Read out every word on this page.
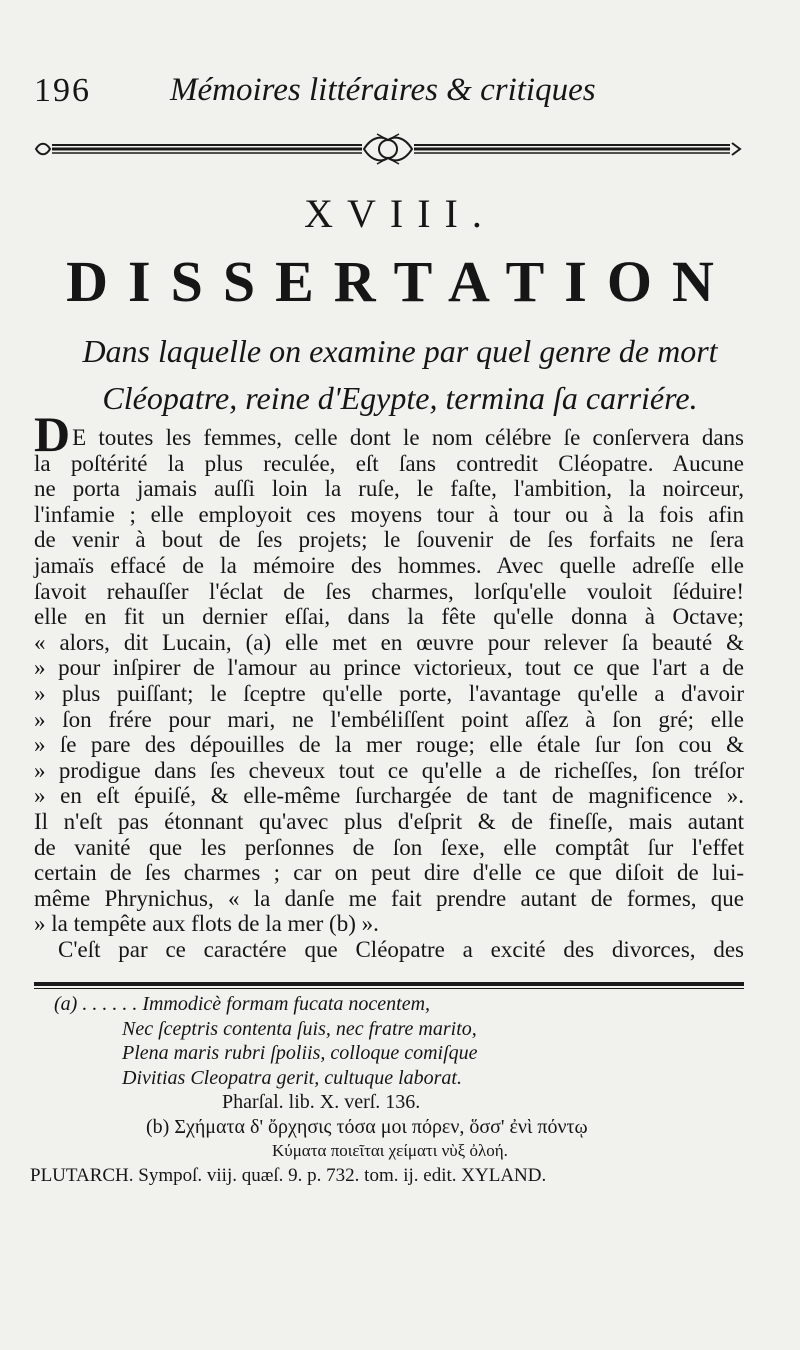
196 Mémoires littéraires & critiques
XVIII.
DISSERTATION
Dans laquelle on examine par quel genre de mort
Cléopatre, reine d'Egypte, termina ſa carriére.
DE toutes les femmes, celle dont le nom célébre ſe conſervera dans
la poſtérité la plus reculée, eſt ſans contredit Cléopatre. Aucune
ne porta jamais auſſi loin la ruſe, le faſte, l'ambition, la noirceur,
l'infamie ; elle employoit ces moyens tour à tour ou à la fois afin
de venir à bout de ſes projets; le ſouvenir de ſes forfaits ne ſera
jamaïs effacé de la mémoire des hommes. Avec quelle adreſſe elle
ſavoit rehauſſer l'éclat de ſes charmes, lorſqu'elle vouloit ſéduire!
elle en fit un dernier eſſai, dans la fête qu'elle donna à Octave;
« alors, dit Lucain, (a) elle met en œuvre pour relever ſa beauté &
» pour inſpirer de l'amour au prince victorieux, tout ce que l'art a de
» plus puiſſant; le ſceptre qu'elle porte, l'avantage qu'elle a d'avoir
» ſon frére pour mari, ne l'embéliſſent point aſſez à ſon gré; elle
» ſe pare des dépouilles de la mer rouge; elle étale ſur ſon cou &
» prodigue dans ſes cheveux tout ce qu'elle a de richeſſes, ſon tréſor
» en eſt épuiſé, & elle-même ſurchargée de tant de magnificence ».
Il n'eſt pas étonnant qu'avec plus d'eſprit & de fineſſe, mais autant
de vanité que les perſonnes de ſon ſexe, elle comptât ſur l'effet
certain de ſes charmes ; car on peut dire d'elle ce que diſoit de lui-
même Phrynichus, « la danſe me fait prendre autant de formes, que
» la tempête aux flots de la mer (b) ».
C'eſt par ce caractére que Cléopatre a excité des divorces, des
(a) . . . . . . Immodicè formam fucata nocentem,
Nec ſceptris contenta ſuis, nec fratre marito,
Plena maris rubri ſpoliis, colloque comiſque
Divitias Cleopatra gerit, cultuque laborat.
Pharſal. lib. X. verſ. 136.
(b) Σχήματα δ' ὄρχησις τόσα μοι πόρεν, ὅσσ' ἐνὶ πόντῳ
Κύματα ποιεῖται χείματι νὺξ ὀλοή.
PLUTARCH. Sympoſ. viij. quæſ. 9. p. 732. tom. ij. edit. XYLAND.
